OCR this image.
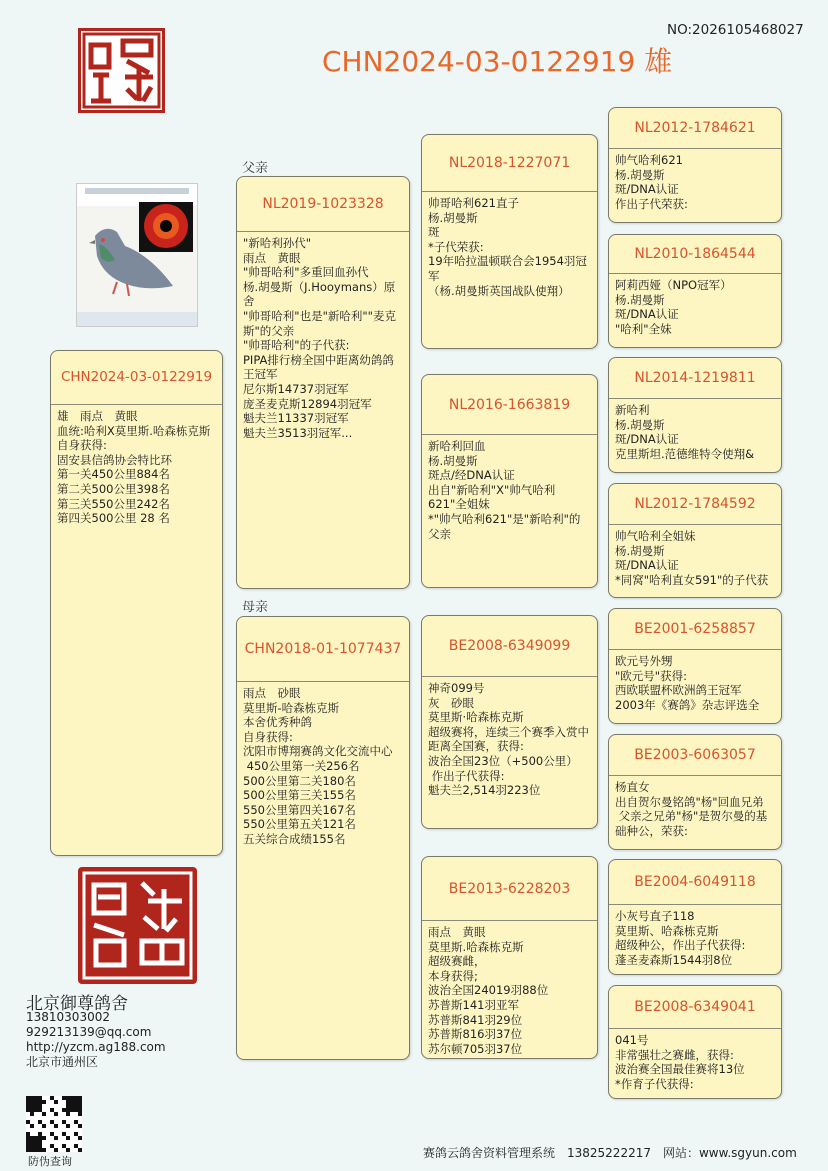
NO:2026105468027
CHN2024-03-0122919 雄
父亲
母亲
CHN2024-03-0122919
雄　雨点　黄眼
血统:哈利X莫里斯.哈森栋克斯
自身获得:
固安县信鸽协会特比环
第一关450公里884名
第二关500公里398名
第三关550公里242名
第四关500公里 28 名
NL2019-1023328
"新哈利孙代"
雨点　黄眼
"帅哥哈利"多重回血孙代
杨.胡曼斯（J.Hooymans）原舍
"帅哥哈利"也是"新哈利""麦克斯"的父亲
"帅哥哈利"的子代获:
PIPA排行榜全国中距离幼鸽鸽王冠军
尼尔斯14737羽冠军
庞圣麦克斯12894羽冠军
魁夫兰11337羽冠军
魁夫兰3513羽冠军...
CHN2018-01-1077437
雨点　砂眼
莫里斯-哈森栋克斯
本舍优秀种鸽
自身获得:
沈阳市博翔赛鸽文化交流中心
450公里第一关256名
500公里第二关180名
500公里第三关155名
550公里第四关167名
550公里第五关121名
五关综合成绩155名
NL2018-1227071
帅哥哈利621直子
杨.胡曼斯
斑
*子代荣获:
19年哈拉温顿联合会1954羽冠军
（杨.胡曼斯英国战队使翔）
NL2016-1663819
新哈利回血
杨.胡曼斯
斑点/经DNA认证
出自"新哈利"X"帅气哈利621"全姐妹
*"帅气哈利621"是"新哈利"的父亲
BE2008-6349099
神奇099号
灰　砂眼
莫里斯·哈森栋克斯
超级赛将，连续三个赛季入赏中距离全国赛，获得:
波治全国23位（+500公里）
作出子代获得:
魁夫兰2,514羽223位
BE2013-6228203
雨点　黄眼
莫里斯.哈森栋克斯
超级赛雌，
本身获得;
波治全国24019羽88位
苏普斯141羽亚军
苏普斯841羽29位
苏普斯816羽37位
苏尔顿705羽37位
NL2012-1784621
帅气哈利621
杨.胡曼斯
斑/DNA认证
作出子代荣获:
NL2010-1864544
阿莉西娅（NPO冠军）
杨.胡曼斯
斑/DNA认证
"哈利"全妹
NL2014-1219811
新哈利
杨.胡曼斯
斑/DNA认证
克里斯坦.范德维特令使翔&
NL2012-1784592
帅气哈利全姐妹
杨.胡曼斯
斑/DNA认证
*同窝"哈利直女591"的子代获
BE2001-6258857
欧元号外甥
"欧元号"获得:
西欧联盟杯欧洲鸽王冠军
2003年《赛鸽》杂志评选全
BE2003-6063057
杨直女
出自贺尔曼铭鸽"杨"回血兄弟
父亲之兄弟"杨"是贺尔曼的基础种公，荣获:
BE2004-6049118
小灰号直子118
莫里斯、哈森栋克斯
超级种公，作出子代获得:
蓬圣麦森斯1544羽8位
BE2008-6349041
041号
非常强壮之赛雌，获得:
波治赛全国最佳赛将13位
*作育子代获得:
北京御尊鸽舍
13810303002
929213139@qq.com
http://yzcm.ag188.com
北京市通州区
防伪查询
赛鸽云鸽舍资料管理系统　13825222217　网站：www.sgyun.com
